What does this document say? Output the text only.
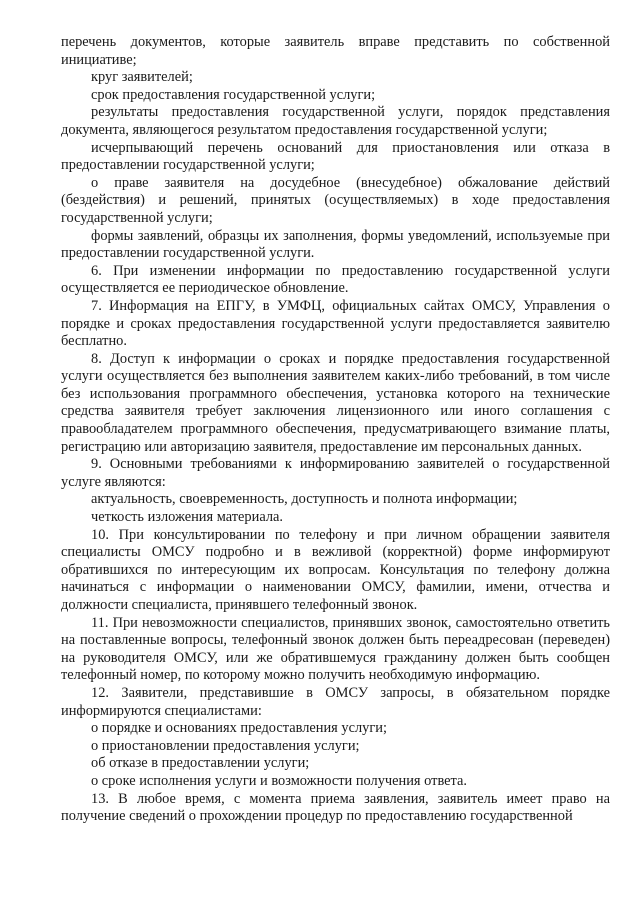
перечень документов, которые заявитель вправе представить по собственной инициативе;

круг заявителей;

срок предоставления государственной услуги;

результаты предоставления государственной услуги, порядок представления документа, являющегося результатом предоставления государственной услуги;

исчерпывающий перечень оснований для приостановления или отказа в предоставлении государственной услуги;

о праве заявителя на досудебное (внесудебное) обжалование действий (бездействия) и решений, принятых (осуществляемых) в ходе предоставления государственной услуги;

формы заявлений, образцы их заполнения, формы уведомлений, используемые при предоставлении государственной услуги.

6. При изменении информации по предоставлению государственной услуги осуществляется ее периодическое обновление.

7. Информация на ЕПГУ, в УМФЦ, официальных сайтах ОМСУ, Управления о порядке и сроках предоставления государственной услуги предоставляется заявителю бесплатно.

8. Доступ к информации о сроках и порядке предоставления государственной услуги осуществляется без выполнения заявителем каких-либо требований, в том числе без использования программного обеспечения, установка которого на технические средства заявителя требует заключения лицензионного или иного соглашения с правообладателем программного обеспечения, предусматривающего взимание платы, регистрацию или авторизацию заявителя, предоставление им персональных данных.

9. Основными требованиями к информированию заявителей о государственной услуге являются:

актуальность, своевременность, доступность и полнота информации;

четкость изложения материала.

10. При консультировании по телефону и при личном обращении заявителя специалисты ОМСУ подробно и в вежливой (корректной) форме информируют обратившихся по интересующим их вопросам. Консультация по телефону должна начинаться с информации о наименовании ОМСУ, фамилии, имени, отчества и должности специалиста, принявшего телефонный звонок.

11. При невозможности специалистов, принявших звонок, самостоятельно ответить на поставленные вопросы, телефонный звонок должен быть переадресован (переведен) на руководителя ОМСУ, или же обратившемуся гражданину должен быть сообщен телефонный номер, по которому можно получить необходимую информацию.

12. Заявители, представившие в ОМСУ запросы, в обязательном порядке информируются специалистами:

о порядке и основаниях предоставления услуги;

о приостановлении предоставления услуги;

об отказе в предоставлении услуги;

о сроке исполнения услуги и возможности получения ответа.

13. В любое время, с момента приема заявления, заявитель имеет право на получение сведений о прохождении процедур по предоставлению государственной
